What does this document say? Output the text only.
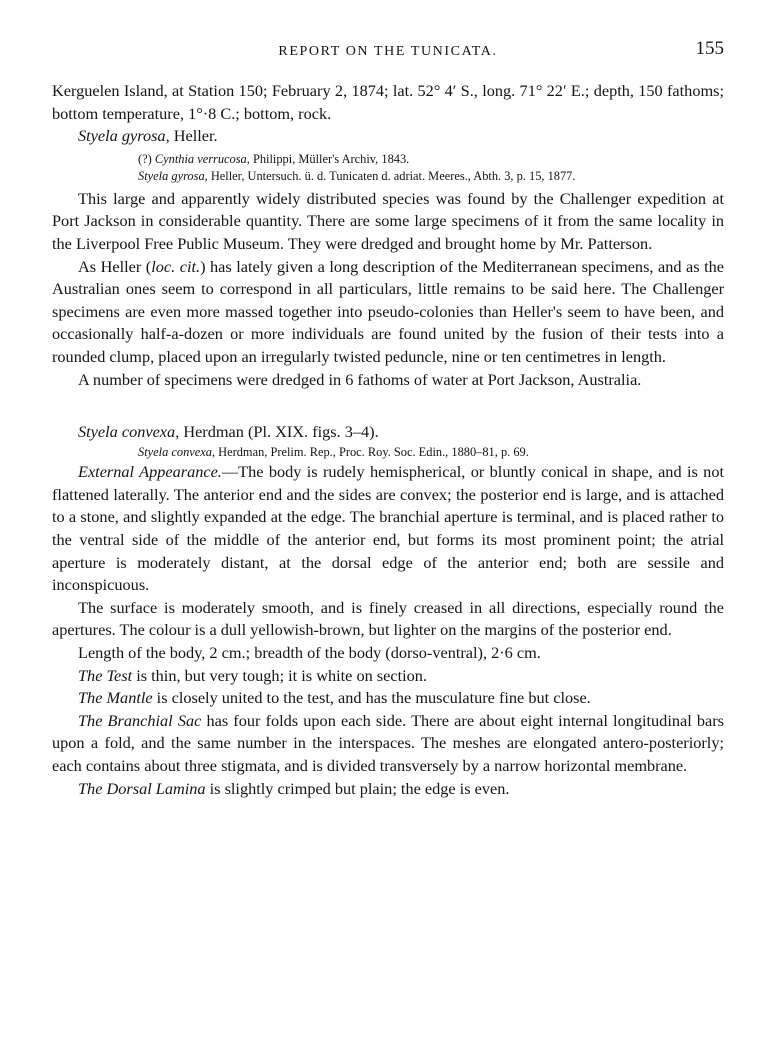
REPORT ON THE TUNICATA.	155

Kerguelen Island, at Station 150; February 2, 1874; lat. 52° 4′ S., long. 71° 22′ E.; depth, 150 fathoms; bottom temperature, 1°·8 C.; bottom, rock.

Styela gyrosa, Heller.

(?) Cynthia verrucosa, Philippi, Müller's Archiv, 1843.

Styela gyrosa, Heller, Untersuch. ü. d. Tunicaten d. adriat. Meeres., Abth. 3, p. 15, 1877.

This large and apparently widely distributed species was found by the Challenger expedition at Port Jackson in considerable quantity. There are some large specimens of it from the same locality in the Liverpool Free Public Museum. They were dredged and brought home by Mr. Patterson.

As Heller (loc. cit.) has lately given a long description of the Mediterranean specimens, and as the Australian ones seem to correspond in all particulars, little remains to be said here. The Challenger specimens are even more massed together into pseudo-colonies than Heller's seem to have been, and occasionally half-a-dozen or more individuals are found united by the fusion of their tests into a rounded clump, placed upon an irregularly twisted peduncle, nine or ten centimetres in length.

A number of specimens were dredged in 6 fathoms of water at Port Jackson, Australia.

Styela convexa, Herdman (Pl. XIX. figs. 3–4).

Styela convexa, Herdman, Prelim. Rep., Proc. Roy. Soc. Edin., 1880–81, p. 69.

External Appearance.—The body is rudely hemispherical, or bluntly conical in shape, and is not flattened laterally. The anterior end and the sides are convex; the posterior end is large, and is attached to a stone, and slightly expanded at the edge. The branchial aperture is terminal, and is placed rather to the ventral side of the middle of the anterior end, but forms its most prominent point; the atrial aperture is moderately distant, at the dorsal edge of the anterior end; both are sessile and inconspicuous.

The surface is moderately smooth, and is finely creased in all directions, especially round the apertures. The colour is a dull yellowish-brown, but lighter on the margins of the posterior end.

Length of the body, 2 cm.; breadth of the body (dorso-ventral), 2·6 cm.

The Test is thin, but very tough; it is white on section.

The Mantle is closely united to the test, and has the musculature fine but close.

The Branchial Sac has four folds upon each side. There are about eight internal longitudinal bars upon a fold, and the same number in the interspaces. The meshes are elongated antero-posteriorly; each contains about three stigmata, and is divided transversely by a narrow horizontal membrane.

The Dorsal Lamina is slightly crimped but plain; the edge is even.
